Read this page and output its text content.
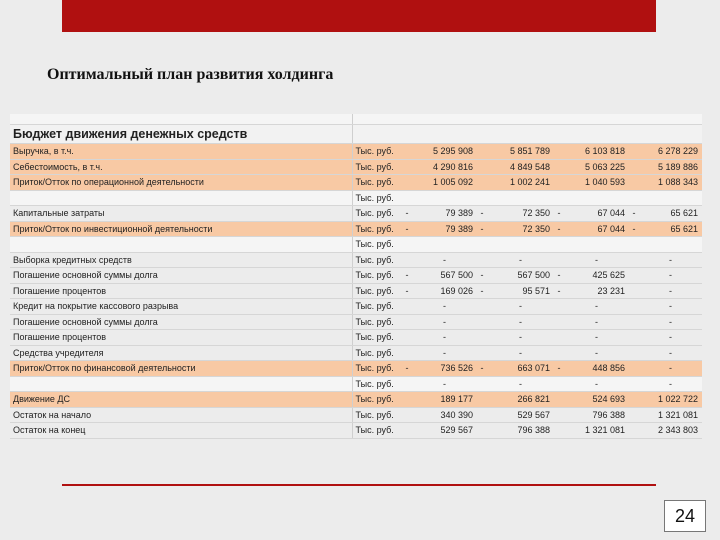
Оптимальный план развития холдинга

Бюджет движения денежных средств									
Выручка, в т.ч.	Тыс. руб.		5 295 908		5 851 789		6 103 818		6 278 229
Себестоимость, в т.ч.	Тыс. руб.		4 290 816		4 849 548		5 063 225		5 189 886
Приток/Отток по операционной деятельности	Тыс. руб.		1 005 092		1 002 241		1 040 593		1 088 343
	Тыс. руб.								
Капитальные затраты	Тыс. руб.	-	79 389	-	72 350	-	67 044	-	65 621
Приток/Отток по инвестиционной деятельности	Тыс. руб.	-	79 389	-	72 350	-	67 044	-	65 621
	Тыс. руб.								
Выборка кредитных средств	Тыс. руб.		-		-		-		-
Погашение основной суммы долга	Тыс. руб.	-	567 500	-	567 500	-	425 625		-
Погашение процентов	Тыс. руб.	-	169 026	-	95 571	-	23 231		-
Кредит на покрытие кассового разрыва	Тыс. руб.		-		-		-		-
Погашение основной суммы долга	Тыс. руб.		-		-		-		-
Погашение процентов	Тыс. руб.		-		-		-		-
Средства учредителя	Тыс. руб.		-		-		-		-
Приток/Отток по финансовой деятельности	Тыс. руб.	-	736 526	-	663 071	-	448 856		-
	Тыс. руб.		-		-		-		-
Движение ДС	Тыс. руб.		189 177		266 821		524 693		1 022 722
Остаток на начало	Тыс. руб.		340 390		529 567		796 388		1 321 081
Остаток на конец	Тыс. руб.		529 567		796 388		1 321 081		2 343 803
24
